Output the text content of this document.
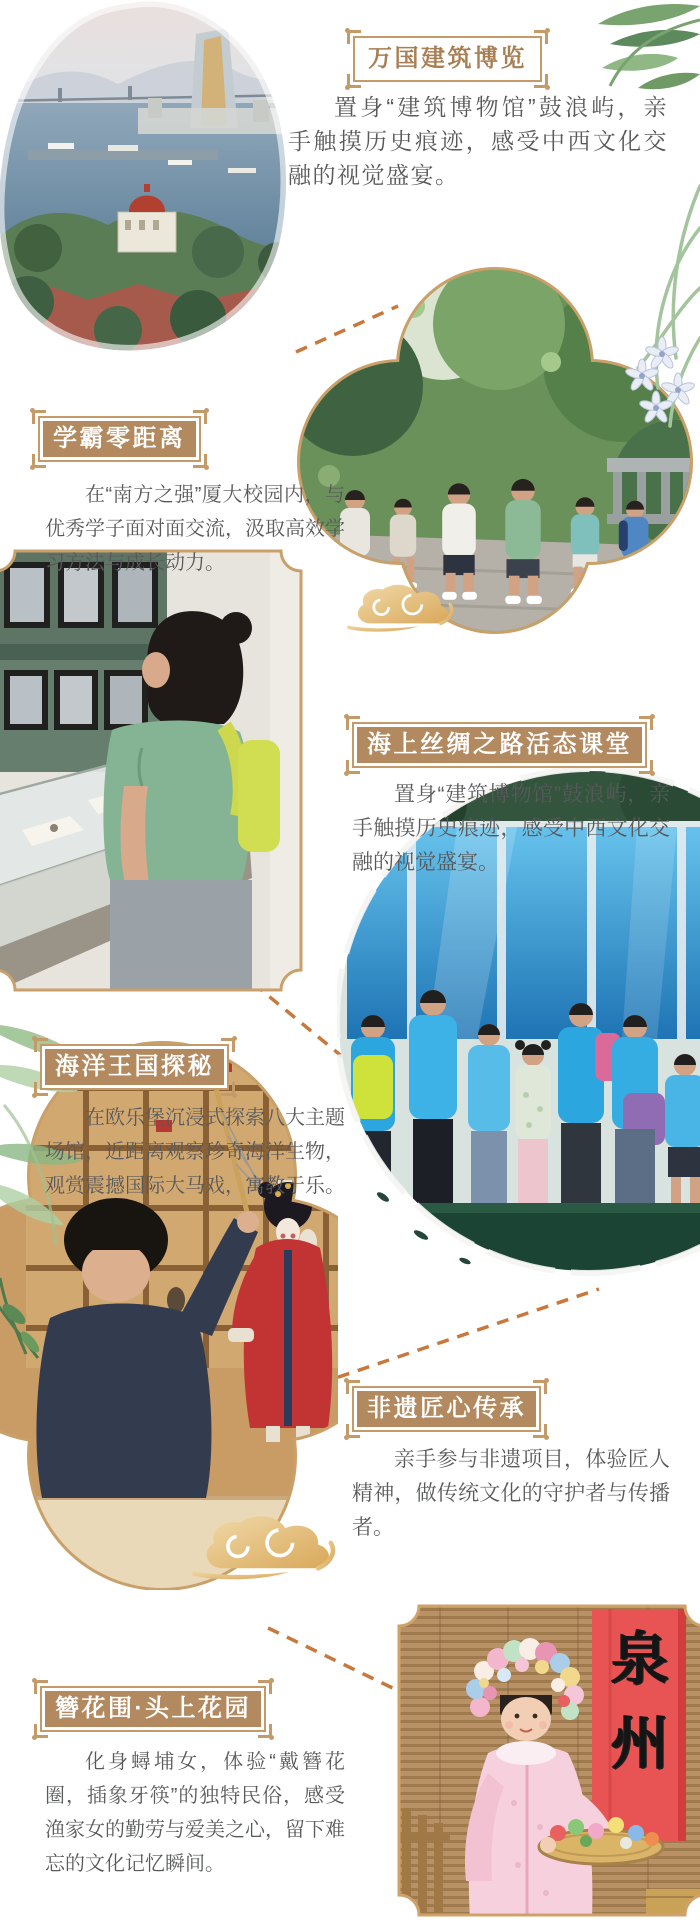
泉州
万国建筑博览
学霸零距离
海上丝绸之路活态课堂
海洋王国探秘
非遗匠心传承
簪花围·头上花园

置身“建筑博物馆”鼓浪屿，亲手触摸历史痕迹，感受中西文化交融的视觉盛宴。

在“南方之强”厦大校园内，与优秀学子面对面交流，汲取高效学习方法与成长动力。

置身“建筑博物馆”鼓浪屿，亲手触摸历史痕迹，感受中西文化交融的视觉盛宴。

在欧乐堡沉浸式探索八大主题场馆，近距离观察珍奇海洋生物，观赏震撼国际大马戏，寓教于乐。

亲手参与非遗项目，体验匠人精神，做传统文化的守护者与传播者。

化身蟳埔女，体验“戴簪花圈，插象牙筷”的独特民俗，感受渔家女的勤劳与爱美之心，留下难忘的文化记忆瞬间。
